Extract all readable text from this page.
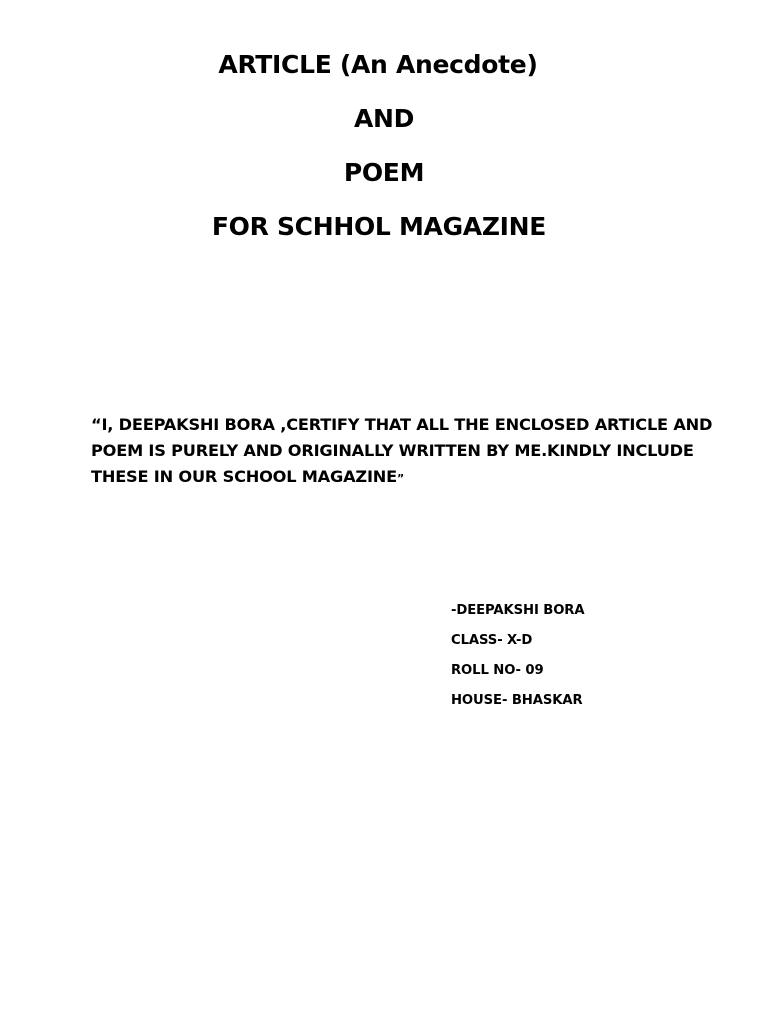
ARTICLE (An Anecdote)

AND

POEM

FOR SCHHOL MAGAZINE

“I, DEEPAKSHI BORA ,CERTIFY THAT ALL THE ENCLOSED ARTICLE AND
POEM IS PURELY AND ORIGINALLY WRITTEN BY ME.KINDLY INCLUDE
THESE IN OUR SCHOOL MAGAZINE”
-DEEPAKSHI BORA
CLASS- X-D
ROLL NO- 09
HOUSE- BHASKAR
